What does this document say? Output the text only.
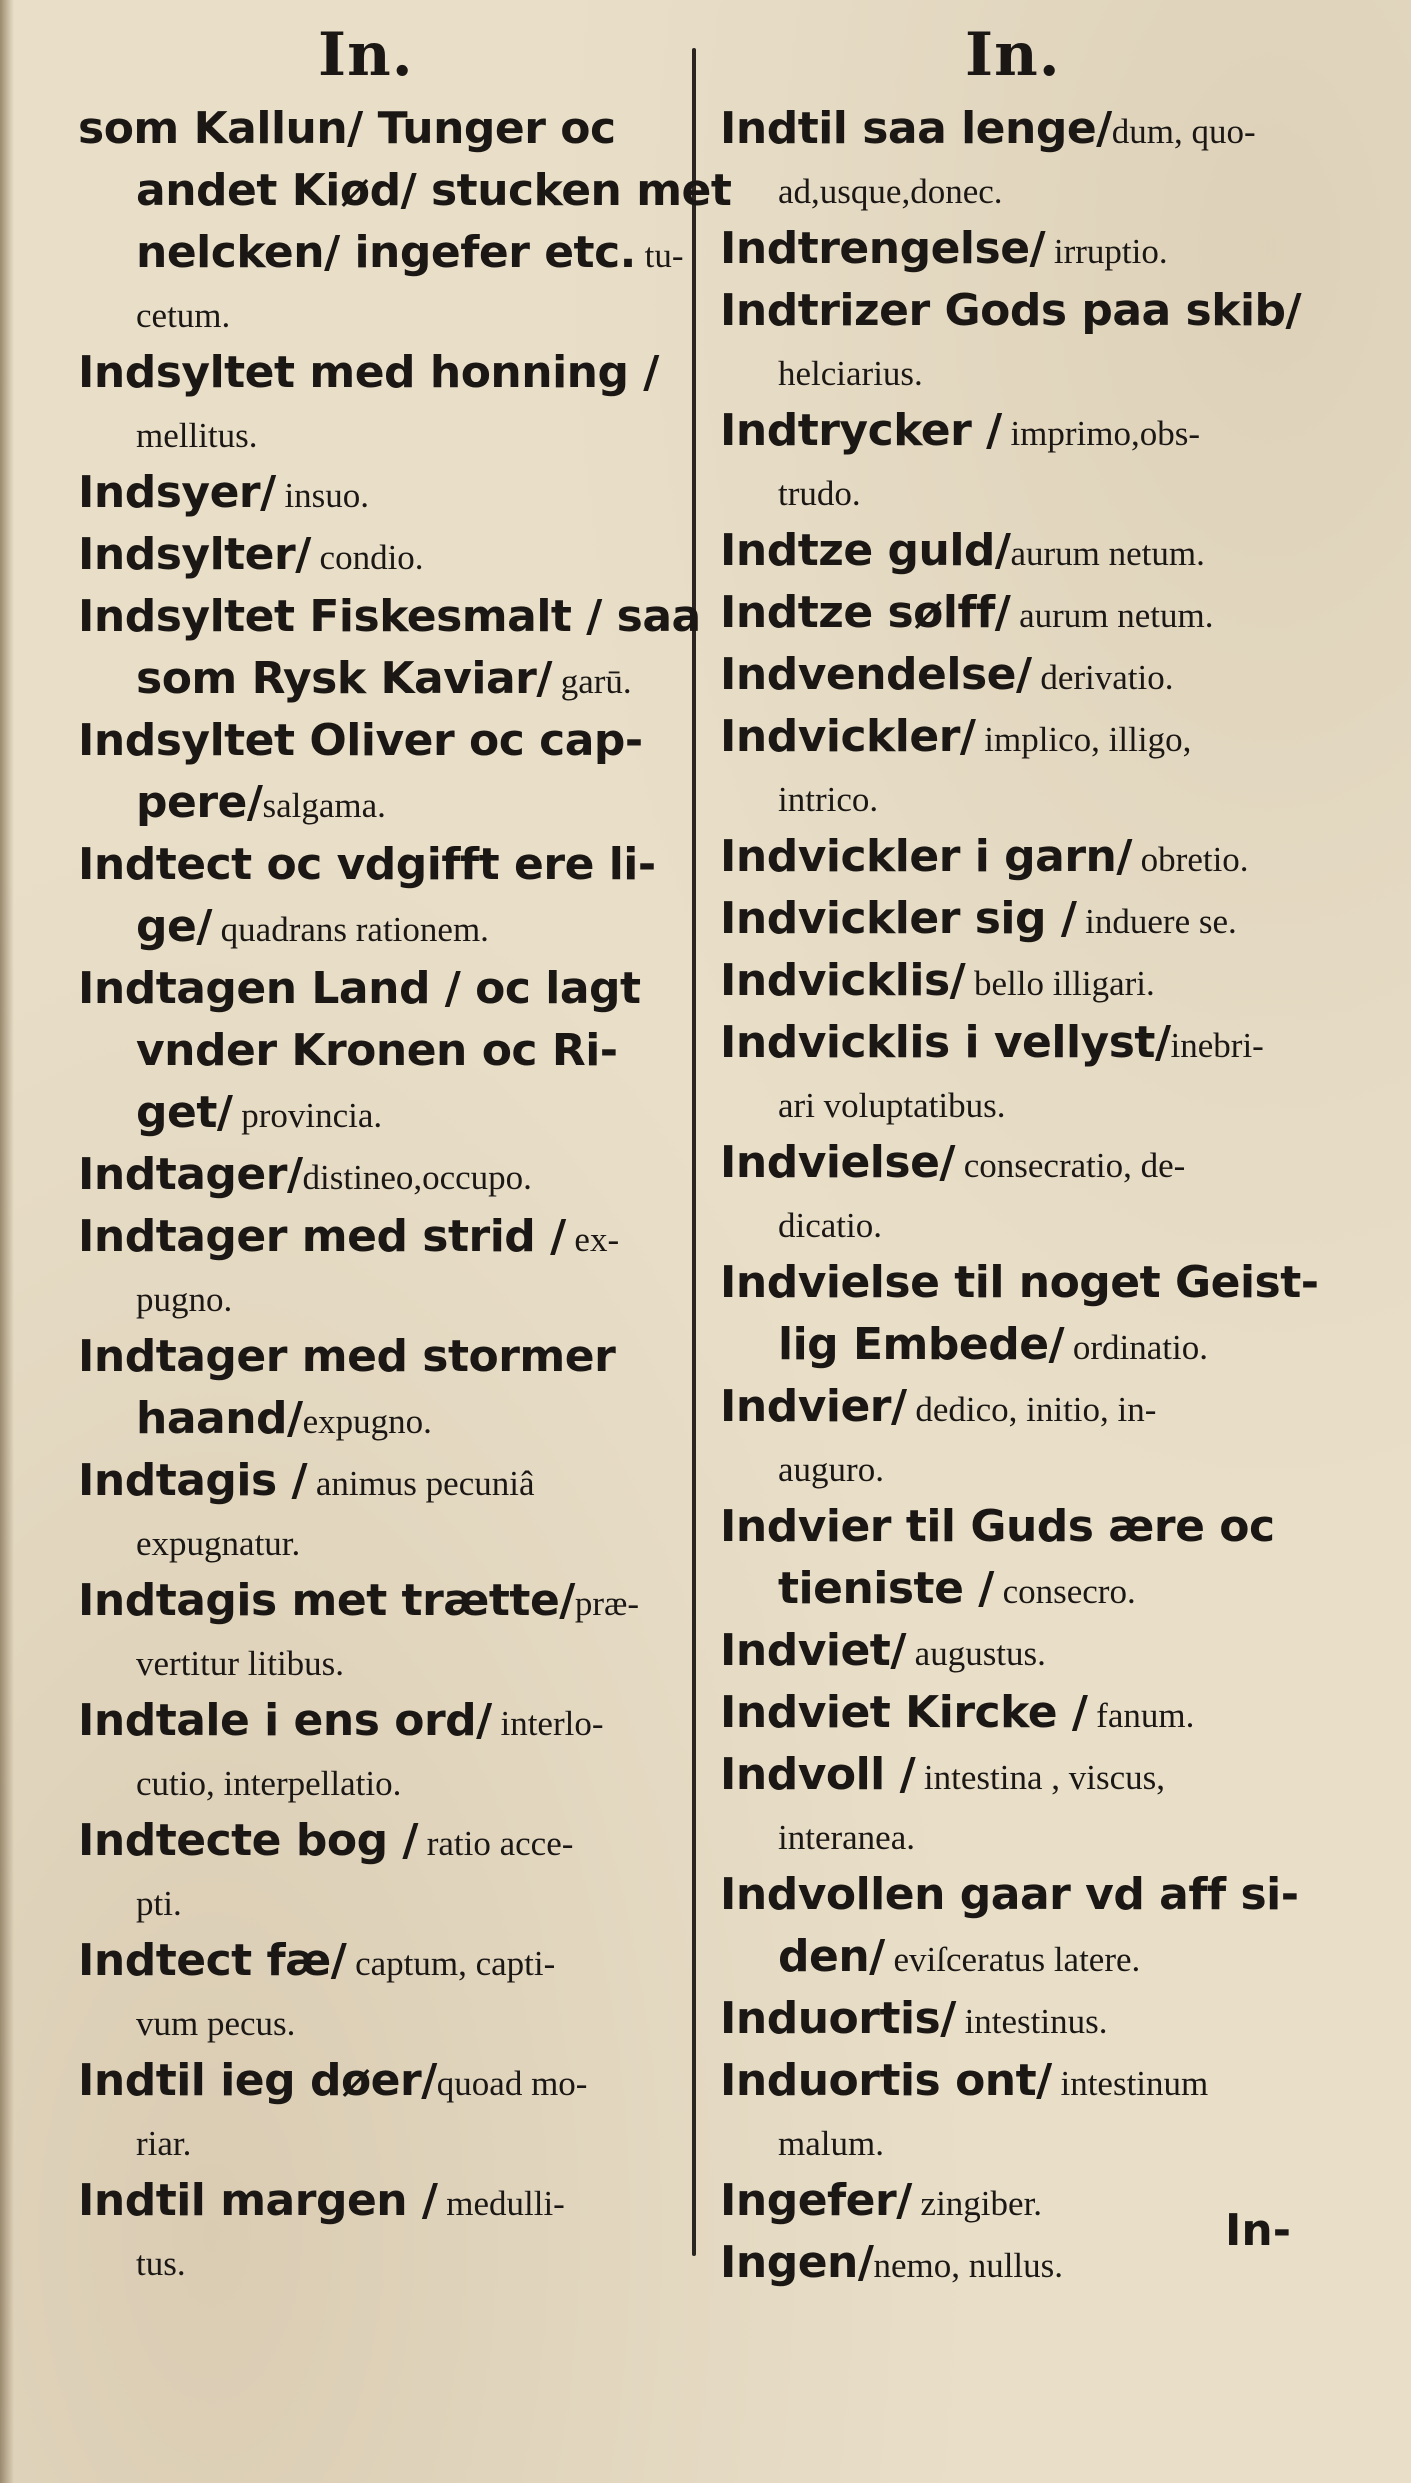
In.	In.
som Kallun/ Tunger oc
andet Kiød/ stucken met
nelcken/ ingefer etc. tu-
cetum.
Indsyltet med honning /
mellitus.
Indsyer/ insuo.
Indsylter/ condio.
Indsyltet Fiskesmalt / saa
som Rysk Kaviar/ garū.
Indsyltet Oliver oc cap-
pere/salgama.
Indtect oc vdgifft ere li-
ge/ quadrans rationem.
Indtagen Land / oc lagt
vnder Kronen oc Ri-
get/ provincia.
Indtager/distineo,occupo.
Indtager med strid / ex-
pugno.
Indtager med stormer
haand/expugno.
Indtagis / animus pecuniâ
expugnatur.
Indtagis met trætte/præ-
vertitur litibus.
Indtale i ens ord/ interlo-
cutio, interpellatio.
Indtecte bog / ratio acce-
pti.
Indtect fæ/ captum, capti-
vum pecus.
Indtil ieg døer/quoad mo-
riar.
Indtil margen / medulli-
tus.
Indtil saa lenge/dum, quo-
ad,usque,donec.
Indtrengelse/ irruptio.
Indtrizer Gods paa skib/
helciarius.
Indtrycker / imprimo,obs-
trudo.
Indtze guld/aurum netum.
Indtze sølff/ aurum netum.
Indvendelse/ derivatio.
Indvickler/ implico, illigo,
intrico.
Indvickler i garn/ obretio.
Indvickler sig / induere se.
Indvicklis/ bello illigari.
Indvicklis i vellyst/inebri-
ari voluptatibus.
Indvielse/ consecratio, de-
dicatio.
Indvielse til noget Geist-
lig Embede/ ordinatio.
Indvier/ dedico, initio, in-
auguro.
Indvier til Guds ære oc
tieniste / consecro.
Indviet/ augustus.
Indviet Kircke / fanum.
Indvoll / intestina , viscus,
interanea.
Indvollen gaar vd aff si-
den/ eviſceratus latere.
Induortis/ intestinus.
Induortis ont/ intestinum
malum.
Ingefer/ zingiber.
Ingen/nemo, nullus.
In-
